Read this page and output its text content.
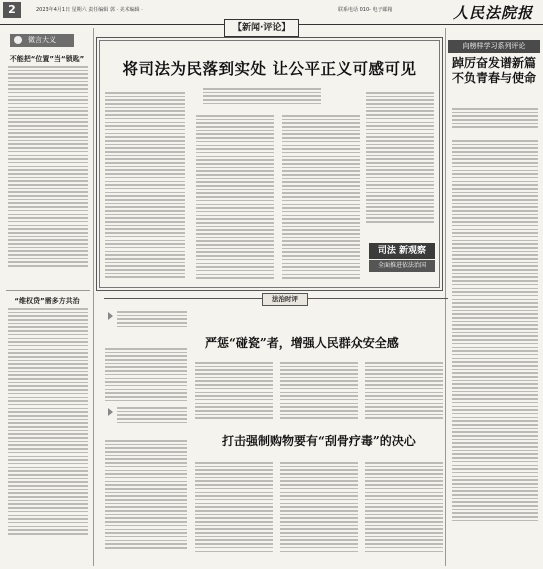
2	2023年4月1日 星期六 责任编辑 郭 · 美术编辑 ·	联系电话 010- 电子邮箱	人民法院报
【新闻·评论】
微言大义
不能把“位置”当“锁匙”
“维权贷”需多方共治
将司法为民落到实处 让公平正义可感可见
司法 新观察
全面推进依法治国
向榜样学习系列评论
踔厉奋发谱新篇 不负青春与使命
法治时评
严惩“碰瓷”者，增强人民群众安全感
打击强制购物要有“刮骨疗毒”的决心
